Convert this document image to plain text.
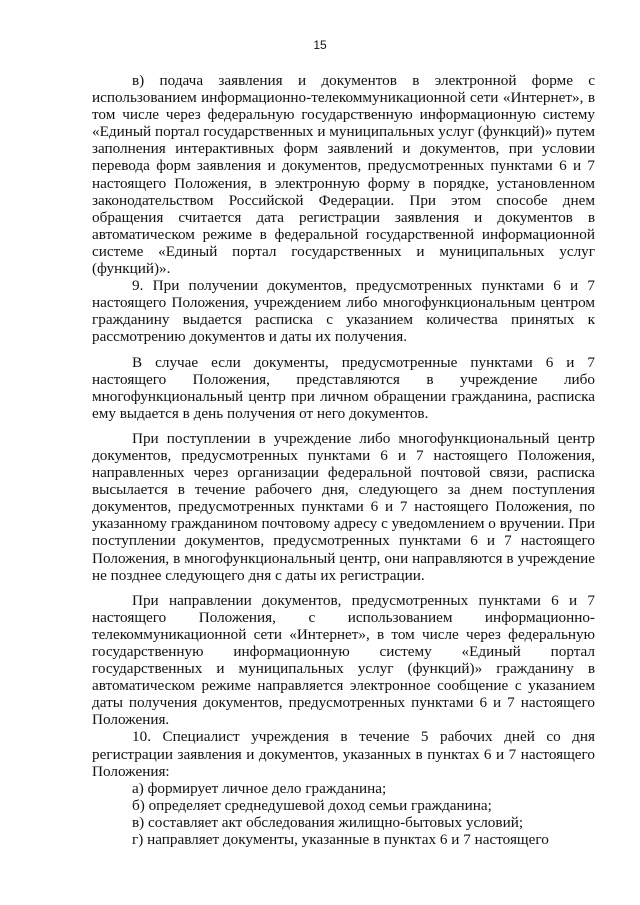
15

в) подача заявления и документов в электронной форме с использованием информационно-телекоммуникационной сети «Интернет», в том числе через федеральную государственную информационную систему «Единый портал государственных и муниципальных услуг (функций)» путем заполнения интерактивных форм заявлений и документов, при условии перевода форм заявления и документов, предусмотренных пунктами 6 и 7 настоящего Положения, в электронную форму в порядке, установленном законодательством Российской Федерации. При этом способе днем обращения считается дата регистрации заявления и документов в автоматическом режиме в федеральной государственной информационной системе «Единый портал государственных и муниципальных услуг (функций)».

9. При получении документов, предусмотренных пунктами 6 и 7 настоящего Положения, учреждением либо многофункциональным центром гражданину выдается расписка с указанием количества принятых к рассмотрению документов и даты их получения.

В случае если документы, предусмотренные пунктами 6 и 7 настоящего Положения, представляются в учреждение либо многофункциональный центр при личном обращении гражданина, расписка ему выдается в день получения от него документов.

При поступлении в учреждение либо многофункциональный центр документов, предусмотренных пунктами 6 и 7 настоящего Положения, направленных через организации федеральной почтовой связи, расписка высылается в течение рабочего дня, следующего за днем поступления документов, предусмотренных пунктами 6 и 7 настоящего Положения, по указанному гражданином почтовому адресу с уведомлением о вручении. При поступлении документов, предусмотренных пунктами 6 и 7 настоящего Положения, в многофункциональный центр, они направляются в учреждение не позднее следующего дня с даты их регистрации.

При направлении документов, предусмотренных пунктами 6 и 7 настоящего Положения, с использованием информационно-телекоммуникационной сети «Интернет», в том числе через федеральную государственную информационную систему «Единый портал государственных и муниципальных услуг (функций)» гражданину в автоматическом режиме направляется электронное сообщение с указанием даты получения документов, предусмотренных пунктами 6 и 7 настоящего Положения.

10. Специалист учреждения в течение 5 рабочих дней со дня регистрации заявления и документов, указанных в пунктах 6 и 7 настоящего Положения:

а) формирует личное дело гражданина;

б) определяет среднедушевой доход семьи гражданина;

в) составляет акт обследования жилищно-бытовых условий;

г) направляет документы, указанные в пунктах 6 и 7 настоящего
